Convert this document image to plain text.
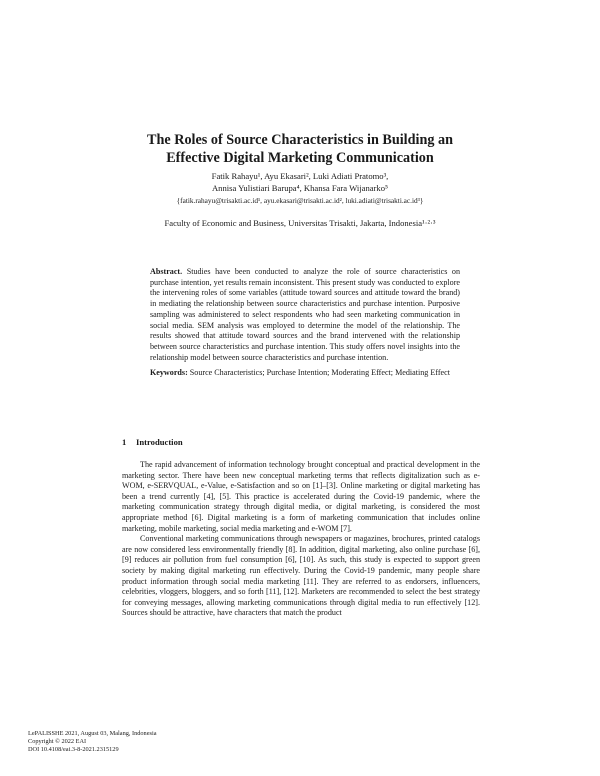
The Roles of Source Characteristics in Building an
Effective Digital Marketing Communication
Fatik Rahayu¹, Ayu Ekasari², Luki Adiati Pratomo³,
Annisa Yulistiari Barupa⁴, Khansa Fara Wijanarko⁵
{fatik.rahayu@trisakti.ac.id¹, ayu.ekasari@trisakti.ac.id², luki.adiati@trisakti.ac.id³}
Faculty of Economic and Business, Universitas Trisakti, Jakarta, Indonesia¹·²·³
Abstract. Studies have been conducted to analyze the role of source characteristics on purchase intention, yet results remain inconsistent. This present study was conducted to explore the intervening roles of some variables (attitude toward sources and attitude toward the brand) in mediating the relationship between source characteristics and purchase intention. Purposive sampling was administered to select respondents who had seen marketing communication in social media. SEM analysis was employed to determine the model of the relationship. The results showed that attitude toward sources and the brand intervened with the relationship between source characteristics and purchase intention. This study offers novel insights into the relationship model between source characteristics and purchase intention.
Keywords: Source Characteristics; Purchase Intention; Moderating Effect; Mediating Effect
1 Introduction

The rapid advancement of information technology brought conceptual and practical development in the marketing sector. There have been new conceptual marketing terms that reflects digitalization such as e-WOM, e-SERVQUAL, e-Value, e-Satisfaction and so on [1]–[3]. Online marketing or digital marketing has been a trend currently [4], [5]. This practice is accelerated during the Covid-19 pandemic, where the marketing communication strategy through digital media, or digital marketing, is considered the most appropriate method [6]. Digital marketing is a form of marketing communication that includes online marketing, mobile marketing, social media marketing and e-WOM [7].

Conventional marketing communications through newspapers or magazines, brochures, printed catalogs are now considered less environmentally friendly [8]. In addition, digital marketing, also online purchase [6], [9] reduces air pollution from fuel consumption [6], [10]. As such, this study is expected to support green society by making digital marketing run effectively. During the Covid-19 pandemic, many people share product information through social media marketing [11]. They are referred to as endorsers, influencers, celebrities, vloggers, bloggers, and so forth [11], [12]. Marketers are recommended to select the best strategy for conveying messages, allowing marketing communications through digital media to run effectively [12]. Sources should be attractive, have characters that match the product

LePALISSHE 2021, August 03, Malang, Indonesia
Copyright © 2022 EAI
DOI 10.4108/eai.3-8-2021.2315129
